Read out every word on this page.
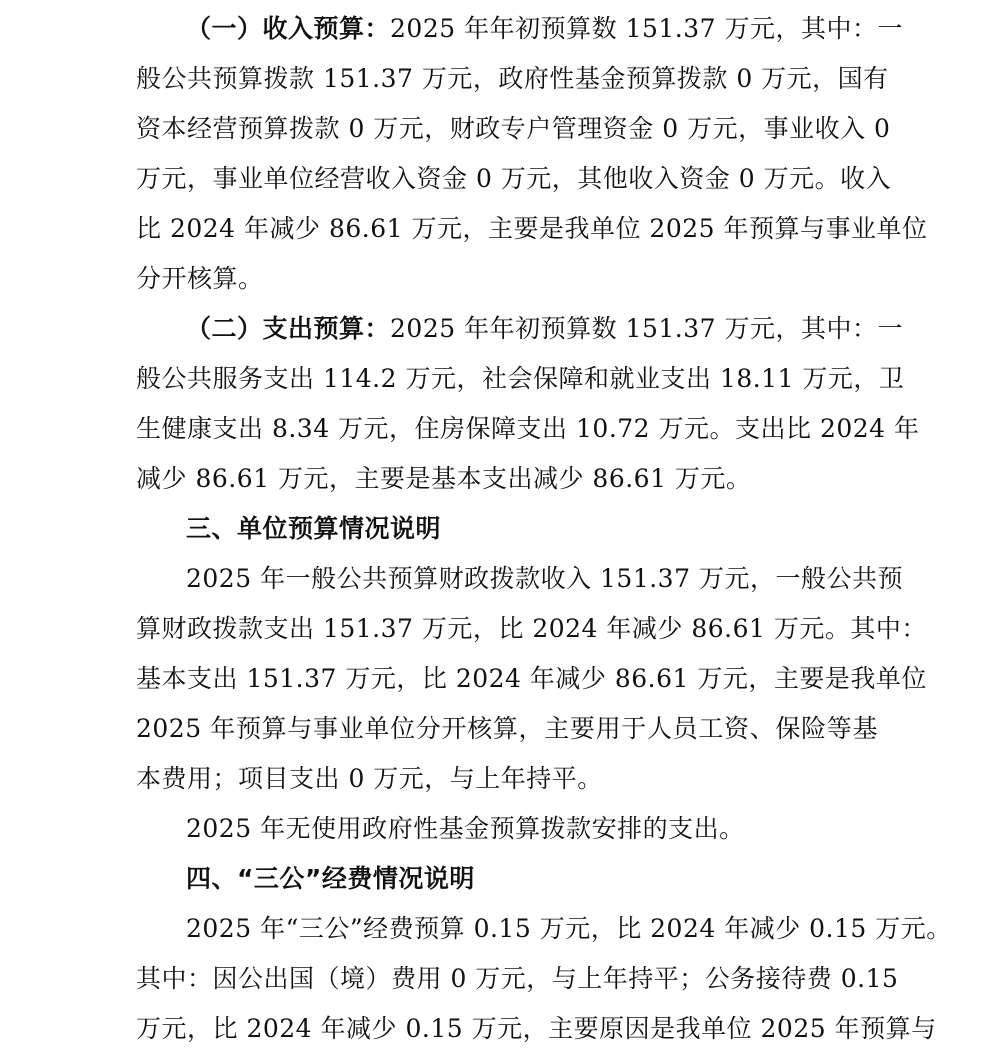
（一）收入预算：2025 年年初预算数 151.37 万元，其中：一
般公共预算拨款 151.37 万元，政府性基金预算拨款 0 万元，国有
资本经营预算拨款 0 万元，财政专户管理资金 0 万元，事业收入 0
万元，事业单位经营收入资金 0 万元，其他收入资金 0 万元。收入
比 2024 年减少 86.61 万元，主要是我单位 2025 年预算与事业单位
分开核算。
（二）支出预算：2025 年年初预算数 151.37 万元，其中：一
般公共服务支出 114.2 万元，社会保障和就业支出 18.11 万元，卫
生健康支出 8.34 万元，住房保障支出 10.72 万元。支出比 2024 年
减少 86.61 万元，主要是基本支出减少 86.61 万元。
三、单位预算情况说明
2025 年一般公共预算财政拨款收入 151.37 万元，一般公共预
算财政拨款支出 151.37 万元，比 2024 年减少 86.61 万元。其中：
基本支出 151.37 万元，比 2024 年减少 86.61 万元，主要是我单位
2025 年预算与事业单位分开核算，主要用于人员工资、保险等基
本费用；项目支出 0 万元，与上年持平。
2025 年无使用政府性基金预算拨款安排的支出。
四、“三公”经费情况说明
2025 年“三公”经费预算 0.15 万元，比 2024 年减少 0.15 万元。
其中：因公出国（境）费用 0 万元，与上年持平；公务接待费 0.15
万元，比 2024 年减少 0.15 万元，主要原因是我单位 2025 年预算与
